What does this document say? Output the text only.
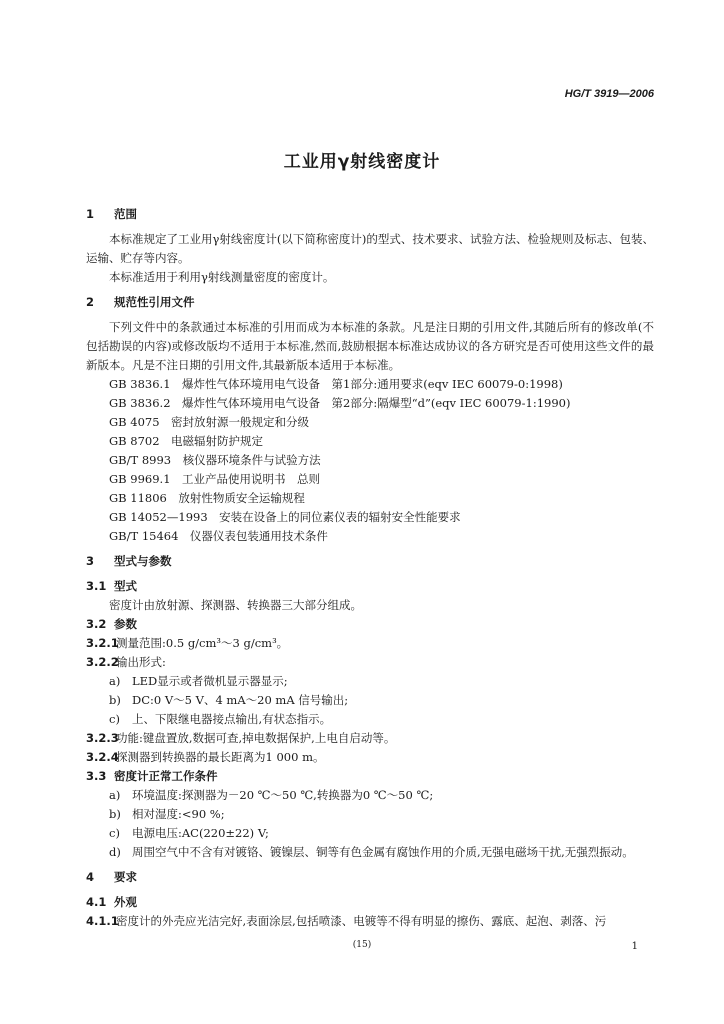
HG/T 3919—2006
工业用γ射线密度计
1 范围

本标准规定了工业用γ射线密度计(以下简称密度计)的型式、技术要求、试验方法、检验规则及标志、包装、运输、贮存等内容。

本标准适用于利用γ射线测量密度的密度计。

2 规范性引用文件

下列文件中的条款通过本标准的引用而成为本标准的条款。凡是注日期的引用文件,其随后所有的修改单(不包括勘误的内容)或修改版均不适用于本标准,然而,鼓励根据本标准达成协议的各方研究是否可使用这些文件的最新版本。凡是不注日期的引用文件,其最新版本适用于本标准。

GB 3836.1　爆炸性气体环境用电气设备　第1部分:通用要求(eqv IEC 60079-0:1998)

GB 3836.2　爆炸性气体环境用电气设备　第2部分:隔爆型“d”(eqv IEC 60079-1:1990)

GB 4075　密封放射源一般规定和分级

GB 8702　电磁辐射防护规定

GB/T 8993　核仪器环境条件与试验方法

GB 9969.1　工业产品使用说明书　总则

GB 11806　放射性物质安全运输规程

GB 14052—1993　安装在设备上的同位素仪表的辐射安全性能要求

GB/T 15464　仪器仪表包装通用技术条件

3 型式与参数
3.1 型式

密度计由放射源、探测器、转换器三大部分组成。

3.2 参数

3.2.1测量范围:0.5 g/cm³～3 g/cm³。

3.2.2输出形式:

a) LED显示或者微机显示器显示;

b) DC:0 V～5 V、4 mA～20 mA 信号输出;

c) 上、下限继电器接点输出,有状态指示。

3.2.3功能:键盘置放,数据可查,掉电数据保护,上电自启动等。

3.2.4探测器到转换器的最长距离为1 000 m。

3.3 密度计正常工作条件

a) 环境温度:探测器为－20 ℃～50 ℃,转换器为0 ℃～50 ℃;

b) 相对湿度:<90 %;

c) 电源电压:AC(220±22) V;

d) 周围空气中不含有对镀铬、镀镍层、铜等有色金属有腐蚀作用的介质,无强电磁场干扰,无强烈振动。

4 要求
4.1 外观

4.1.1密度计的外壳应光洁完好,表面涂层,包括喷漆、电镀等不得有明显的擦伤、露底、起泡、剥落、污

(15)	1
